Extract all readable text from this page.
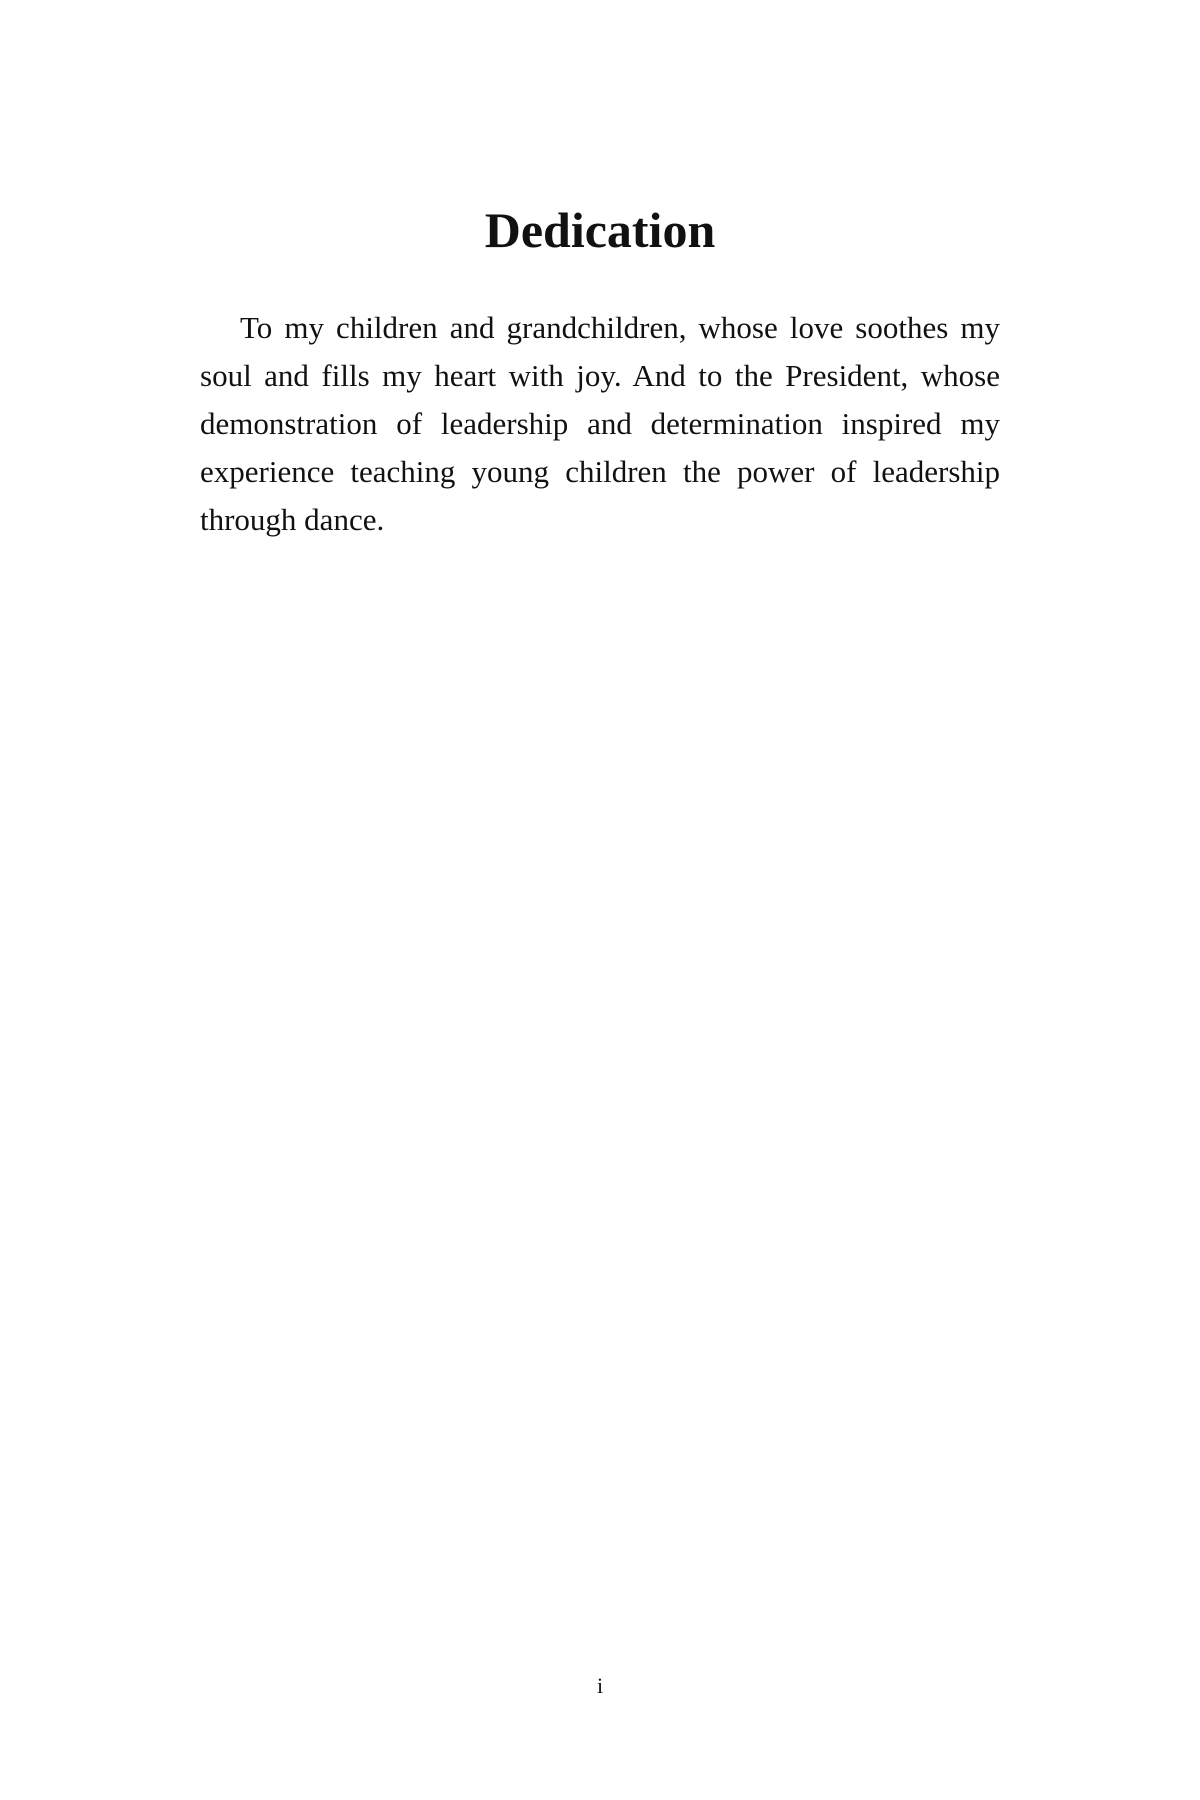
Dedication

To my children and grandchildren, whose love soothes my soul and fills my heart with joy. And to the President, whose demonstration of leadership and determination inspired my experience teaching young children the power of leadership through dance.

i
